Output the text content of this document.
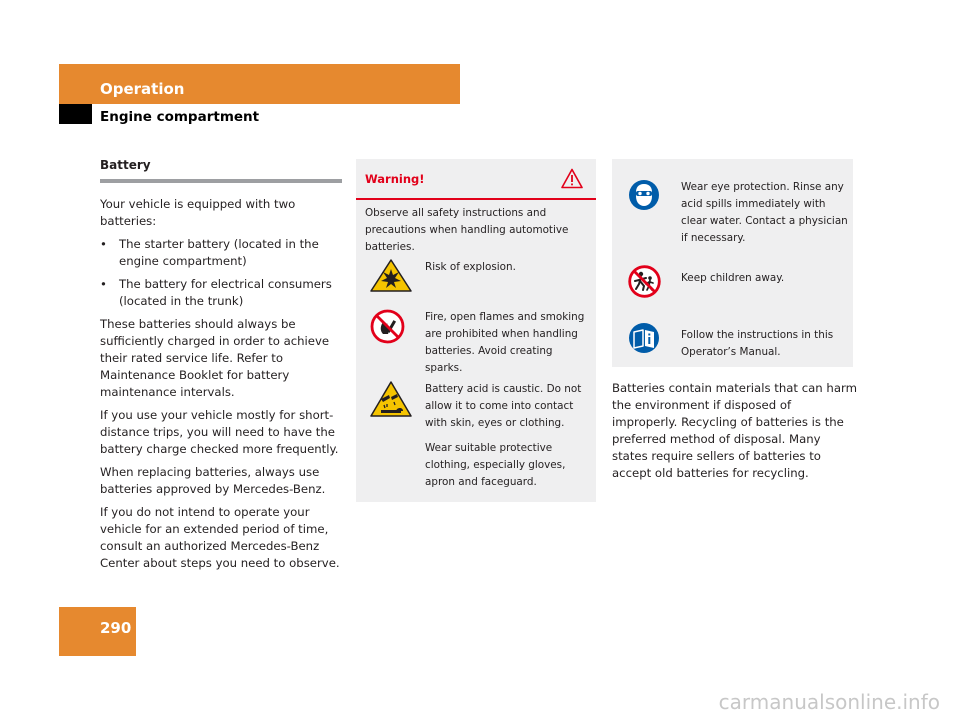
Operation
Engine compartment
Battery

Your vehicle is equipped with two batteries:

• The starter battery (located in the engine compartment)
• The battery for electrical consumers (located in the trunk)

These batteries should always be sufficiently charged in order to achieve their rated service life. Refer to Maintenance Booklet for battery maintenance intervals.

If you use your vehicle mostly for short-distance trips, you will need to have the battery charge checked more frequently.

When replacing batteries, always use batteries approved by Mercedes-Benz.

If you do not intend to operate your vehicle for an extended period of time, consult an authorized Mercedes-Benz Center about steps you need to observe.

Warning!
Observe all safety instructions and precautions when handling automotive batteries.
Risk of explosion.
Fire, open flames and smoking are prohibited when handling batteries. Avoid creating sparks.

Battery acid is caustic. Do not allow it to come into contact with skin, eyes or clothing.

Wear suitable protective clothing, especially gloves, apron and faceguard.

Wear eye protection. Rinse any acid spills immediately with clear water. Contact a physician if necessary.
Keep children away.
Follow the instructions in this Operator’s Manual.
Batteries contain materials that can harm the environment if disposed of improperly. Recycling of batteries is the preferred method of disposal. Many states require sellers of batteries to accept old batteries for recycling.
290
carmanualsonline.info
